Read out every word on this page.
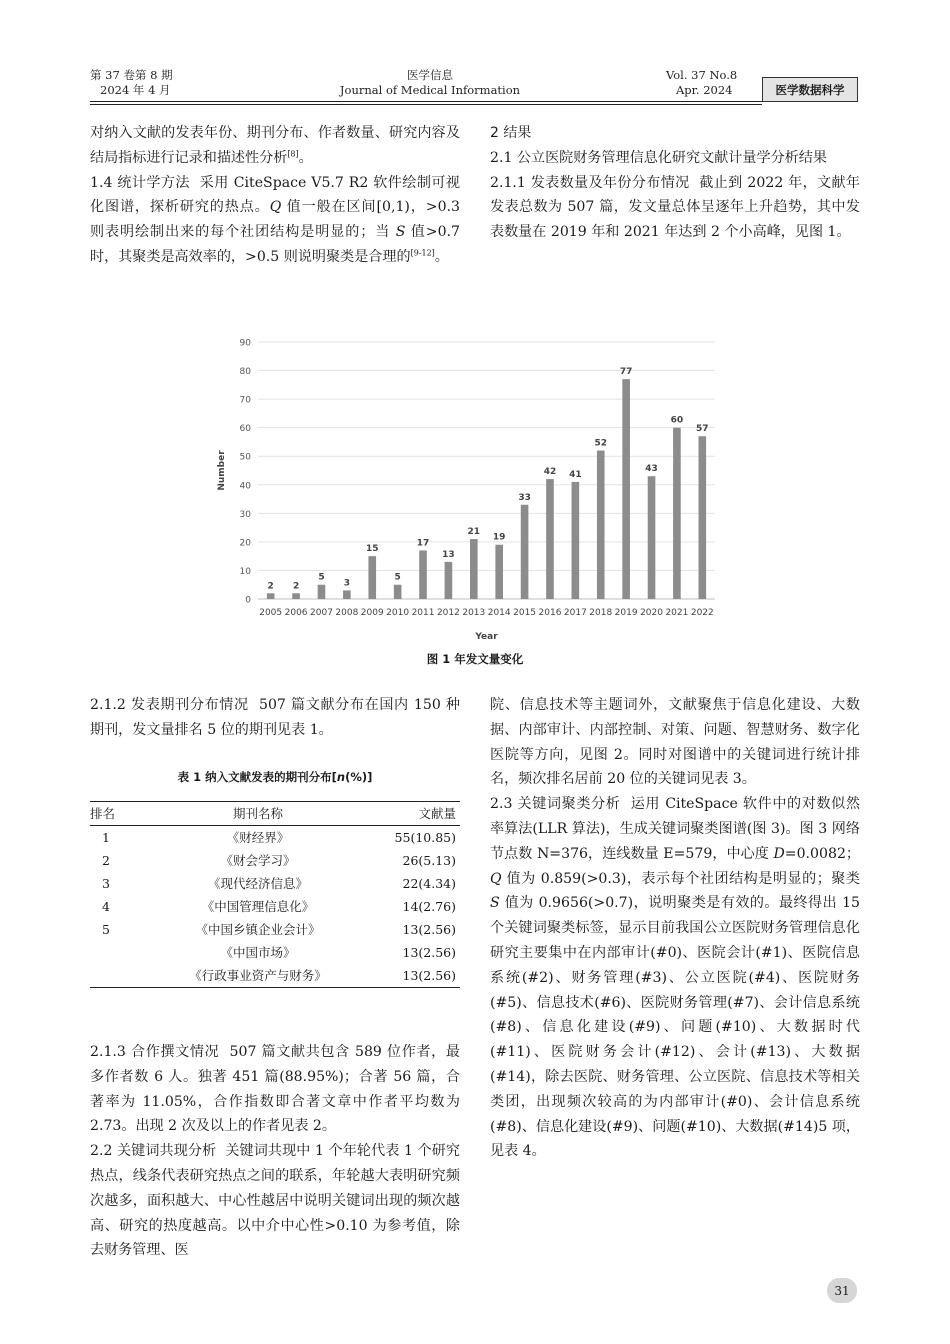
第 37 卷第 8 期
2024 年 4 月
医学信息
Journal of Medical Information
Vol. 37 No.8
Apr. 2024	医学数据科学

对纳入文献的发表年份、期刊分布、作者数量、研究内容及结局指标进行记录和描述性分析[8]。

1.4 统计学方法 采用 CiteSpace V5.7 R2 软件绘制可视化图谱，探析研究的热点。Q 值一般在区间[0,1)，>0.3 则表明绘制出来的每个社团结构是明显的；当 S 值>0.7 时，其聚类是高效率的，>0.5 则说明聚类是合理的[9-12]。

2 结果

2.1 公立医院财务管理信息化研究文献计量学分析结果

2.1.1 发表数量及年份分布情况 截止到 2022 年，文献年发表总数为 507 篇，发文量总体呈逐年上升趋势，其中发表数量在 2019 年和 2021 年达到 2 个小高峰，见图 1。

0
10
20
30
40
50
60
70
80
90
2
2005
2
2006
5
2007
3
2008
15
2009
5
2010
17
2011
13
2012
21
2013
19
2014
33
2015
42
2016
41
2017
52
2018
77
2019
43
2020
60
2021
57
2022
Year
Number
图 1 年发文量变化

2.1.2 发表期刊分布情况 507 篇文献分布在国内 150 种期刊，发文量排名 5 位的期刊见表 1。

表 1 纳入文献发表的期刊分布[n(%)]
排名	期刊名称	文献量
1	《财经界》	55(10.85)
2	《财会学习》	26(5.13)
3	《现代经济信息》	22(4.34)
4	《中国管理信息化》	14(2.76)
5	《中国乡镇企业会计》	13(2.56)
	《中国市场》	13(2.56)
	《行政事业资产与财务》	13(2.56)

2.1.3 合作撰文情况 507 篇文献共包含 589 位作者，最多作者数 6 人。独著 451 篇(88.95%)；合著 56 篇，合著率为 11.05%，合作指数即合著文章中作者平均数为 2.73。出现 2 次及以上的作者见表 2。

2.2 关键词共现分析 关键词共现中 1 个年轮代表 1 个研究热点，线条代表研究热点之间的联系，年轮越大表明研究频次越多，面积越大、中心性越居中说明关键词出现的频次越高、研究的热度越高。以中介中心性>0.10 为参考值，除去财务管理、医

院、信息技术等主题词外，文献聚焦于信息化建设、大数据、内部审计、内部控制、对策、问题、智慧财务、数字化医院等方向，见图 2。同时对图谱中的关键词进行统计排名，频次排名居前 20 位的关键词见表 3。

2.3 关键词聚类分析 运用 CiteSpace 软件中的对数似然率算法(LLR 算法)，生成关键词聚类图谱(图 3)。图 3 网络节点数 N=376，连线数量 E=579，中心度 D=0.0082；Q 值为 0.859(>0.3)，表示每个社团结构是明显的；聚类 S 值为 0.9656(>0.7)，说明聚类是有效的。最终得出 15 个关键词聚类标签，显示目前我国公立医院财务管理信息化研究主要集中在内部审计(#0)、医院会计(#1)、医院信息系统(#2)、财务管理(#3)、公立医院(#4)、医院财务(#5)、信息技术(#6)、医院财务管理(#7)、会计信息系统(#8)、信息化建设(#9)、问题(#10)、大数据时代(#11)、医院财务会计(#12)、会计(#13)、大数据(#14)，除去医院、财务管理、公立医院、信息技术等相关类团，出现频次较高的为内部审计(#0)、会计信息系统(#8)、信息化建设(#9)、问题(#10)、大数据(#14)5 项，见表 4。

31
